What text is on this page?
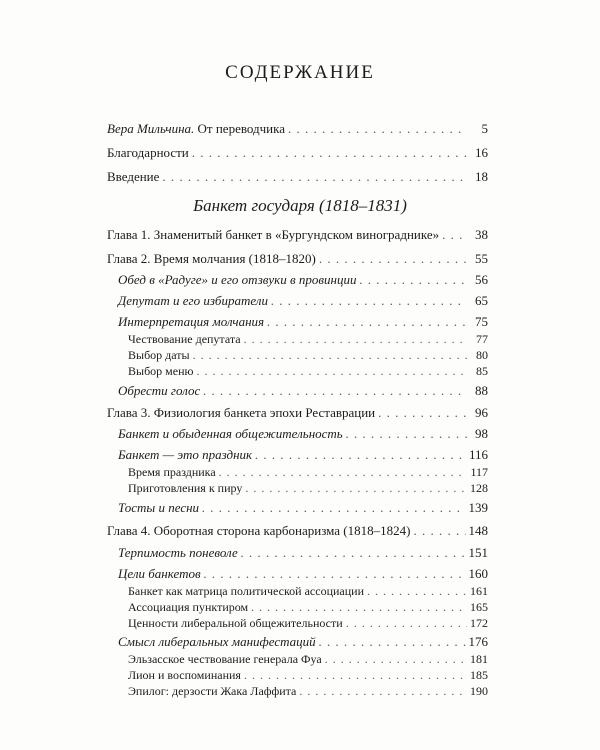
СОДЕРЖАНИЕ
Вера Мильчина. От переводчика . . .	5
Благодарности . . .	16
Введение . . .	18
Банкет государя (1818–1831)
Глава 1. Знаменитый банкет в «Бургундском винограднике» . . .	38
Глава 2. Время молчания (1818–1820) . . .	55
Обед в «Радуге» и его отзвуки в провинции . . .	56
Депутат и его избиратели . . .	65
Интерпретация молчания . . .	75
Чествование депутата . . .	77
Выбор даты . . .	80
Выбор меню . . .	85
Обрести голос . . .	88
Глава 3. Физиология банкета эпохи Реставрации . . .	96
Банкет и обыденная общежительность . . .	98
Банкет — это праздник . . .	116
Время праздника . . .	117
Приготовления к пиру . . .	128
Тосты и песни . . .	139
Глава 4. Оборотная сторона карбонаризма (1818–1824) . . .	148
Терпимость поневоле . . .	151
Цели банкетов . . .	160
Банкет как матрица политической ассоциации . . .	161
Ассоциация пунктиром . . .	165
Ценности либеральной общежительности . . .	172
Смысл либеральных манифестаций . . .	176
Эльзасское чествование генерала Фуа . . .	181
Лион и воспоминания . . .	185
Эпилог: дерзости Жака Лаффита . . .	190
